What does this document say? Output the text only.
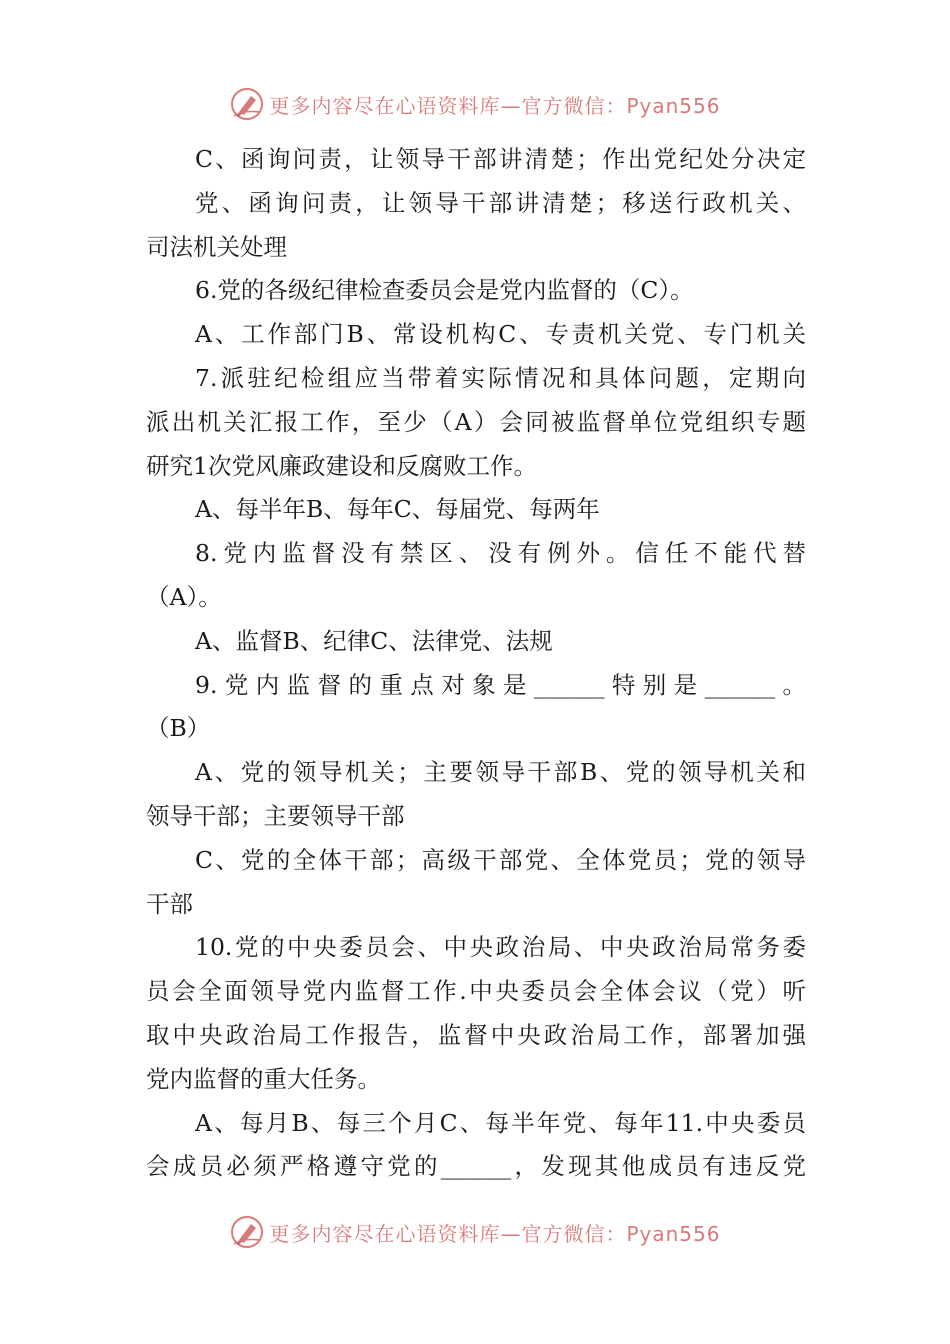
更多内容尽在心语资料库—官方微信：Pyan556
C、函询问责，让领导干部讲清楚；作出党纪处分决定
党、函询问责，让领导干部讲清楚；移送行政机关、
司法机关处理
6.党的各级纪律检查委员会是党内监督的（C）。
A、工作部门B、常设机构C、专责机关党、专门机关
7.派驻纪检组应当带着实际情况和具体问题，定期向
派出机关汇报工作，至少（A）会同被监督单位党组织专题
研究1次党风廉政建设和反腐败工作。
A、每半年B、每年C、每届党、每两年
8.党内监督没有禁区、没有例外。信任不能代替
（A）。
A、监督B、纪律C、法律党、法规
9.党内监督的重点对象是______特别是______。
（B）
A、党的领导机关；主要领导干部B、党的领导机关和
领导干部；主要领导干部
C、党的全体干部；高级干部党、全体党员；党的领导
干部
10.党的中央委员会、中央政治局、中央政治局常务委
员会全面领导党内监督工作.中央委员会全体会议（党）听
取中央政治局工作报告，监督中央政治局工作，部署加强
党内监督的重大任务。
A、每月B、每三个月C、每半年党、每年11.中央委员
会成员必须严格遵守党的______，发现其他成员有违反党
更多内容尽在心语资料库—官方微信：Pyan556
